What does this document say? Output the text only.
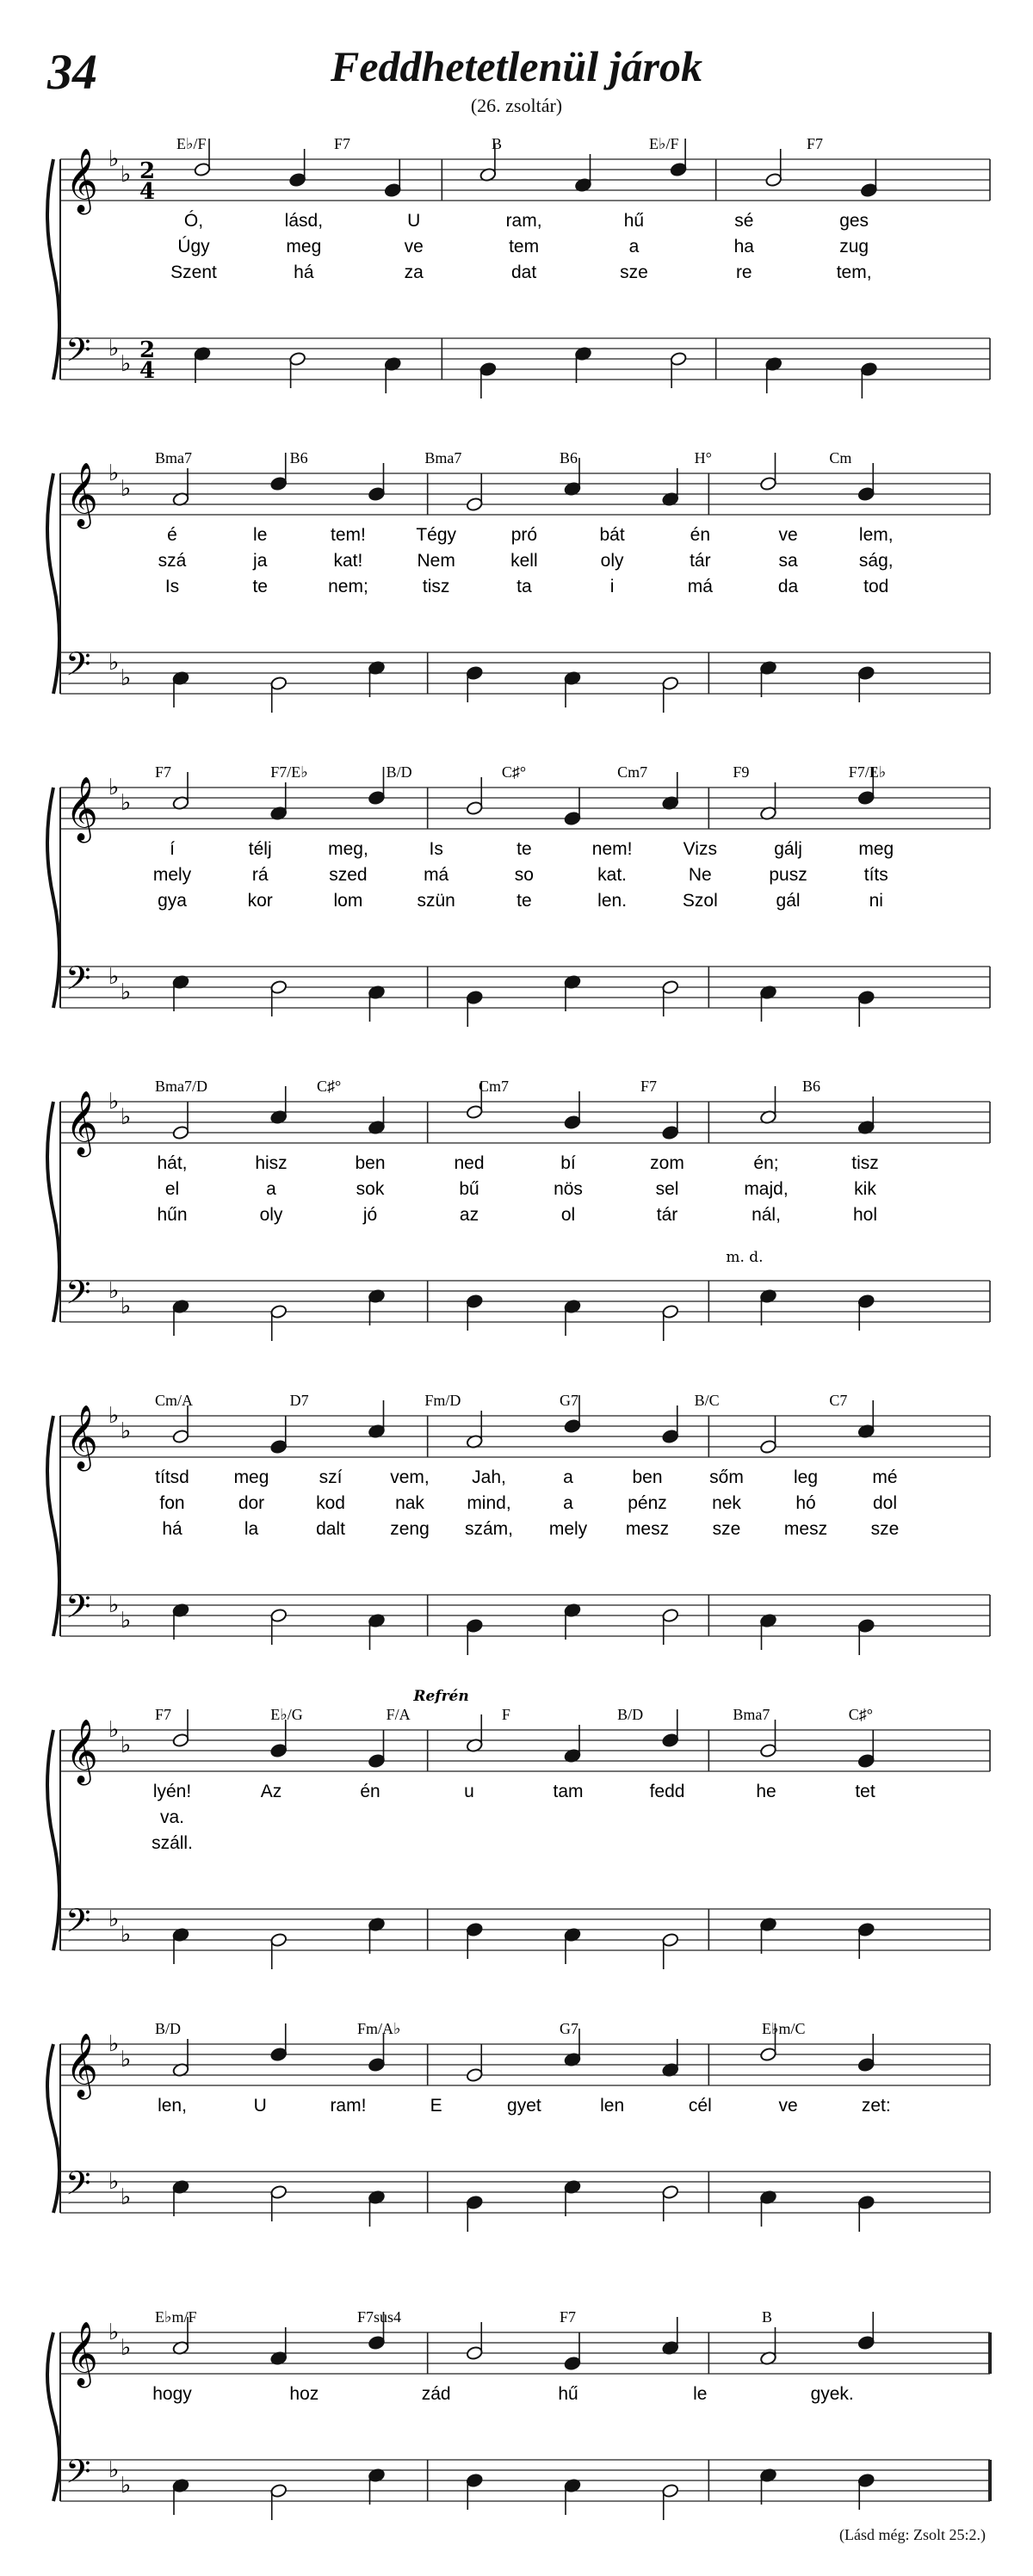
34	Feddhetetlenül járok
(26. zsoltár)
𝄞
𝄢
♭
♭
♭
♭
2
4
2
4
E♭/F	F7	B	E♭/F	F7
Ó,	lásd,	U	ram,	hű	sé	ges
Úgy	meg	ve	tem	a	ha	zug
Szent	há	za	dat	sze	re	tem,
𝄞
𝄢
♭
♭
♭
♭
Bma7	B6	Bma7	B6	H°	Cm
é	le	tem!	Tégy	pró	bát	én	ve	lem,
szá	ja	kat!	Nem	kell	oly	tár	sa	ság,
Is	te	nem;	tisz	ta	i	má	da	tod
𝄞
𝄢
♭
♭
♭
♭
F7	F7/E♭	B/D	C♯°	Cm7	F9	F7/E♭
í	télj	meg,	Is	te	nem!	Vizs	gálj	meg
mely	rá	szed	má	so	kat.	Ne	pusz	títs
gya	kor	lom	szün	te	len.	Szol	gál	ni
𝄞
𝄢
♭
♭
♭
♭
Bma7/D	C♯°	Cm7	F7	B6
hát,	hisz	ben	ned	bí	zom	én;	tisz
el	a	sok	bű	nös	sel	majd,	kik
hűn	oly	jó	az	ol	tár	nál,	hol
m. d.
𝄞
𝄢
♭
♭
♭
♭
Cm/A	D7	Fm/D	G7	B/C	C7
títsd meg	szí	vem, Jah,	a	ben	sőm	leg	mé
fon	dor	kod	nak mind,	a	pénz nek	hó	dol
há	la	dalt zeng szám, mely mesz sze mesz sze
𝄞
𝄢
♭
♭
♭
♭
F7	E♭/G	F/A	F	B/D	Bma7	C♯°
Refrén
lyén!	Az	én	u	tam	fedd	he	tet
va.
száll.
𝄞
𝄢
♭
♭
♭
♭
B/D	Fm/A♭	G7	E♭m/C
len,	U	ram!	E	gyet	len	cél	ve	zet:
𝄞
𝄢
♭
♭
♭
♭
E♭m/F	F7sus4	F7	B
hogy	hoz	zád	hű	le	gyek.
(Lásd még: Zsolt 25:2.)
